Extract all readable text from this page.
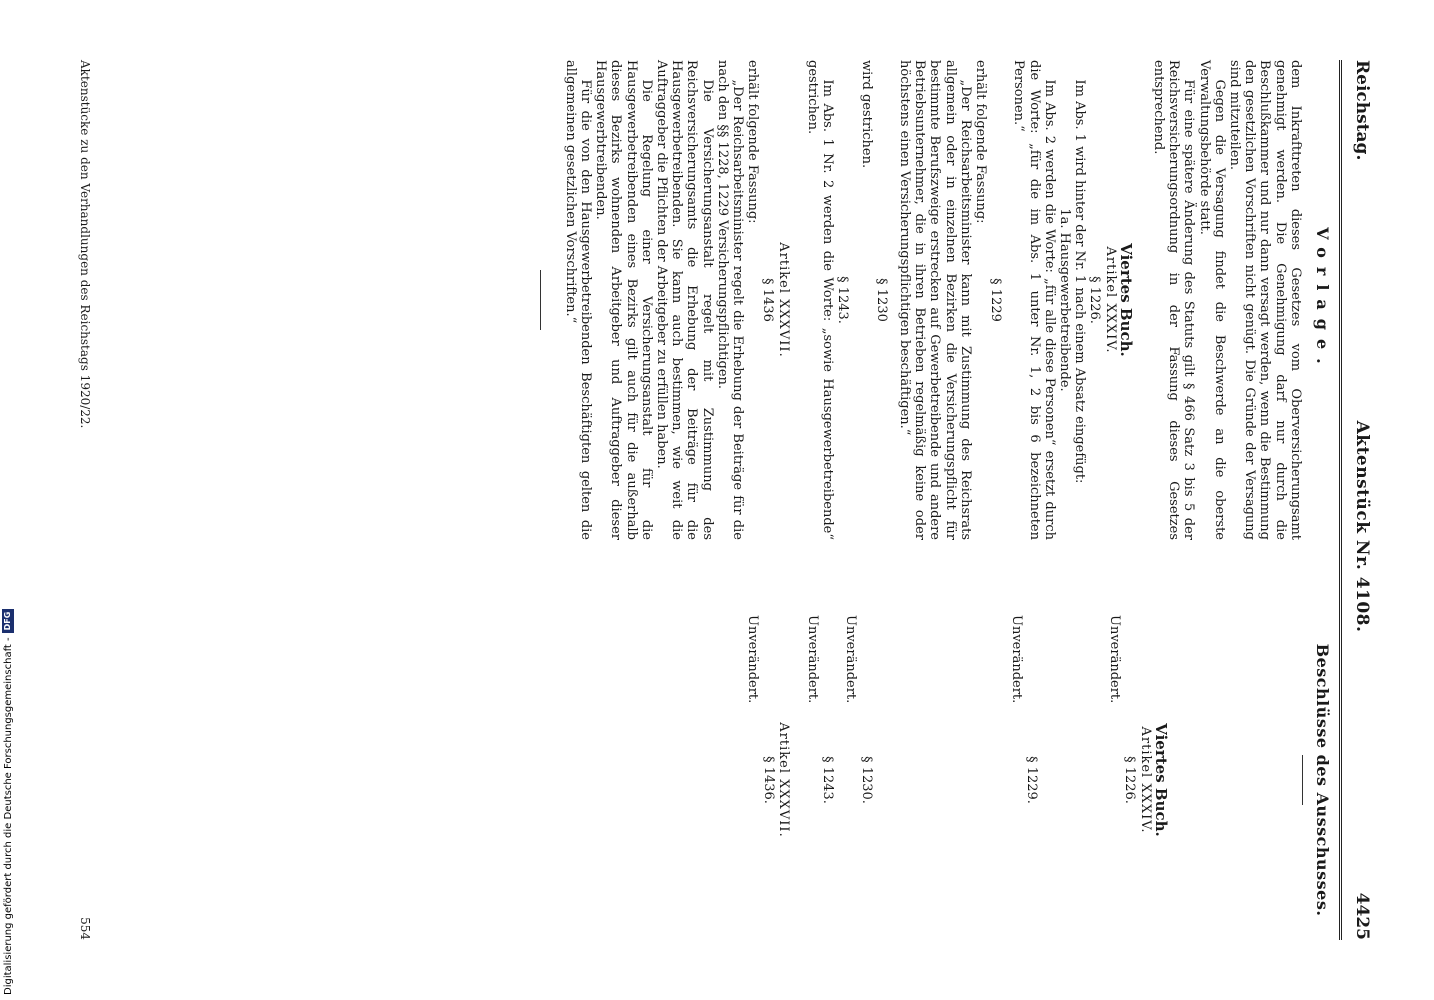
Reichstag.
Aktenstück Nr. 4108.
4425
Vorlage.
dem Inkrafttreten dieses Gesetzes vom Oberversicherungsamt genehmigt werden. Die Genehmigung darf nur durch die Beschlußkammer und nur dann versagt werden, wenn die Bestimmung den gesetzlichen Vorschriften nicht genügt. Die Gründe der Versagung sind mitzuteilen.
Gegen die Versagung findet die Beschwerde an die oberste Verwaltungsbehörde statt.
Für eine spätere Änderung des Statuts gilt § 466 Satz 3 bis 5 der Reichsversicherungsordnung in der Fassung dieses Gesetzes entsprechend.
Viertes Buch.
Artikel XXXIV.
§ 1226.
Im Abs. 1 wird hinter der Nr. 1 nach einem Absatz eingefügt:
1a. Hausgewerbetreibende.
Im Abs. 2 werden die Worte: „für alle diese Personen“ ersetzt durch die Worte: „für die im Abs. 1 unter Nr. 1, 2 bis 6 bezeichneten Personen.“
§ 1229
erhält folgende Fassung:
„Der Reichsarbeitsminister kann mit Zustimmung des Reichsrats allgemein oder in einzelnen Bezirken die Versicherungspflicht für bestimmte Berufszweige erstrecken auf Gewerbetreibende und andere Betriebsunternehmer, die in ihren Betrieben regelmäßig keine oder höchstens einen Versicherungspflichtigen beschäftigen.“
§ 1230
wird gestrichen.
§ 1243.
Im Abs. 1 Nr. 2 werden die Worte: „sowie Hausgewerbetreibende“ gestrichen.
Artikel XXXVII.
§ 1436
erhält folgende Fassung:
„Der Reichsarbeitsminister regelt die Erhebung der Beiträge für die nach den §§ 1228, 1229 Versicherungspflichtigen.
Die Versicherungsanstalt regelt mit Zustimmung des Reichsversicherungsamts die Erhebung der Beiträge für die Hausgewerbetreibenden. Sie kann auch bestimmen, wie weit die Auftraggeber die Pflichten der Arbeitgeber zu erfüllen haben.
Die Regelung einer Versicherungsanstalt für die Hausgewerbetreibenden eines Bezirks gilt auch für die außerhalb dieses Bezirks wohnenden Arbeitgeber und Auftraggeber dieser Hausgewerbtreibenden.
Für die von den Hausgewerbetreibenden Beschäftigten gelten die allgemeinen gesetzlichen Vorschriften.“
Beschlüsse des Ausschusses.
Viertes Buch.
Artikel XXXIV.
§ 1226.
Unverändert.
§ 1229.
Unverändert.
§ 1230.
Unverändert.
§ 1243.
Unverändert.
Artikel XXXVII.
§ 1436.
Unverändert.
Aktenstücke zu den Verhandlungen des Reichstags 1920/22.
554
Digitalisierung gefördert durch die Deutsche Forschungsgemeinschaft -
DFG
